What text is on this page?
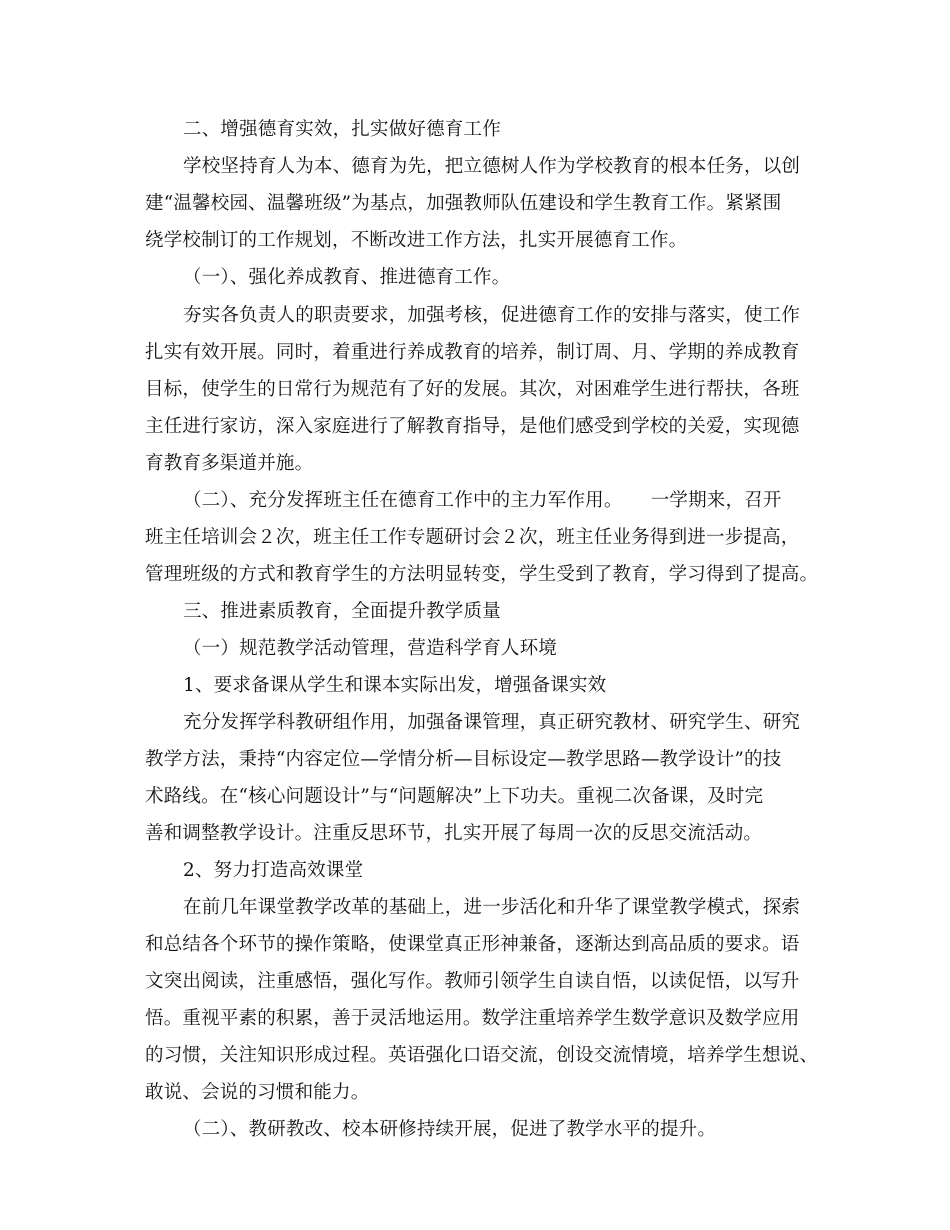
二、增强德育实效，扎实做好德育工作
学校坚持育人为本、德育为先，把立德树人作为学校教育的根本任务，以创
建“温馨校园、温馨班级”为基点，加强教师队伍建设和学生教育工作。紧紧围
绕学校制订的工作规划，不断改进工作方法，扎实开展德育工作。
（一）、强化养成教育、推进德育工作。
夯实各负责人的职责要求，加强考核，促进德育工作的安排与落实，使工作
扎实有效开展。同时，着重进行养成教育的培养，制订周、月、学期的养成教育
目标，使学生的日常行为规范有了好的发展。其次，对困难学生进行帮扶，各班
主任进行家访，深入家庭进行了解教育指导，是他们感受到学校的关爱，实现德
育教育多渠道并施。
（二）、充分发挥班主任在德育工作中的主力军作用。　　一学期来，召开
班主任培训会２次，班主任工作专题研讨会２次，班主任业务得到进一步提高，
管理班级的方式和教育学生的方法明显转变，学生受到了教育，学习得到了提高。
三、推进素质教育，全面提升教学质量
（一）规范教学活动管理，营造科学育人环境
1、要求备课从学生和课本实际出发，增强备课实效
充分发挥学科教研组作用，加强备课管理，真正研究教材、研究学生、研究
教学方法，秉持“内容定位—学情分析—目标设定—教学思路—教学设计”的技
术路线。在“核心问题设计”与“问题解决”上下功夫。重视二次备课，及时完
善和调整教学设计。注重反思环节，扎实开展了每周一次的反思交流活动。
2、努力打造高效课堂
在前几年课堂教学改革的基础上，进一步活化和升华了课堂教学模式，探索
和总结各个环节的操作策略，使课堂真正形神兼备，逐渐达到高品质的要求。语
文突出阅读，注重感悟，强化写作。教师引领学生自读自悟，以读促悟，以写升
悟。重视平素的积累，善于灵活地运用。数学注重培养学生数学意识及数学应用
的习惯，关注知识形成过程。英语强化口语交流，创设交流情境，培养学生想说、
敢说、会说的习惯和能力。
（二）、教研教改、校本研修持续开展，促进了教学水平的提升。
